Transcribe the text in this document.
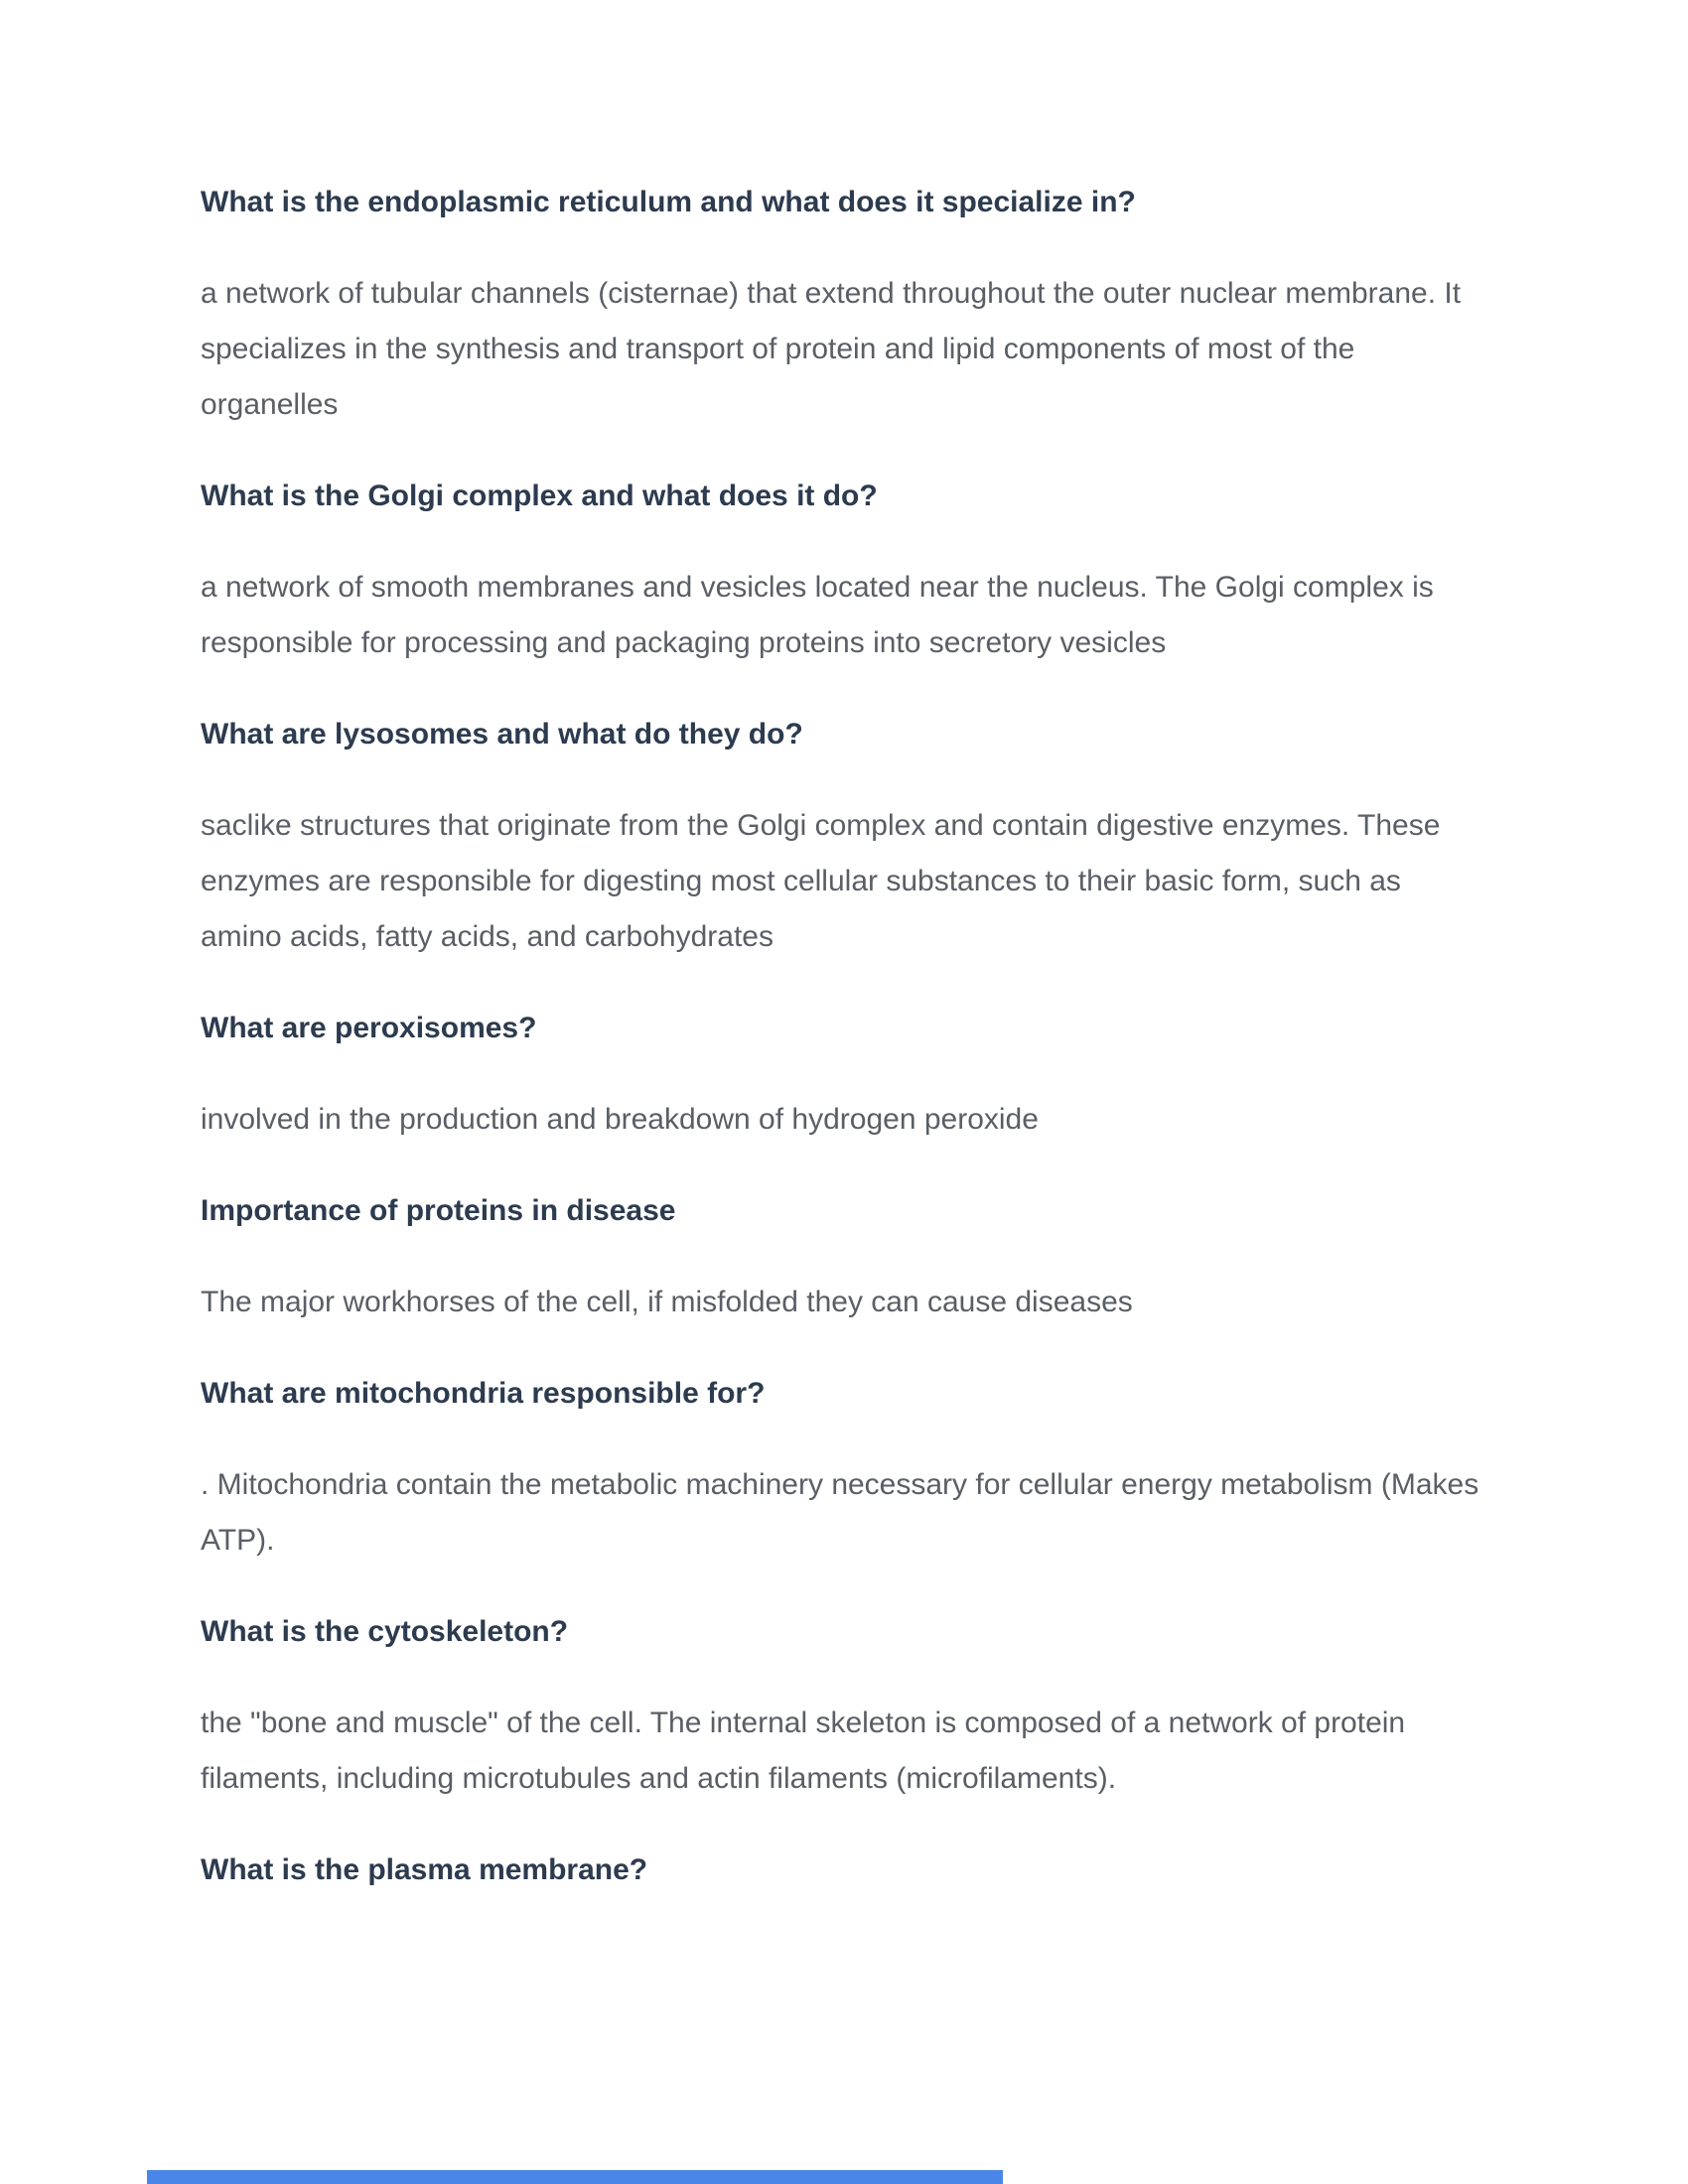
What is the endoplasmic reticulum and what does it specialize in?

a network of tubular channels (cisternae) that extend throughout the outer nuclear membrane. It specializes in the synthesis and transport of protein and lipid components of most of the organelles

What is the Golgi complex and what does it do?

a network of smooth membranes and vesicles located near the nucleus. The Golgi complex is responsible for processing and packaging proteins into secretory vesicles

What are lysosomes and what do they do?

saclike structures that originate from the Golgi complex and contain digestive enzymes. These enzymes are responsible for digesting most cellular substances to their basic form, such as amino acids, fatty acids, and carbohydrates

What are peroxisomes?

involved in the production and breakdown of hydrogen peroxide

Importance of proteins in disease

The major workhorses of the cell, if misfolded they can cause diseases

What are mitochondria responsible for?

. Mitochondria contain the metabolic machinery necessary for cellular energy metabolism (Makes ATP).

What is the cytoskeleton?

the "bone and muscle" of the cell. The internal skeleton is composed of a network of protein filaments, including microtubules and actin filaments (microfilaments).

What is the plasma membrane?
